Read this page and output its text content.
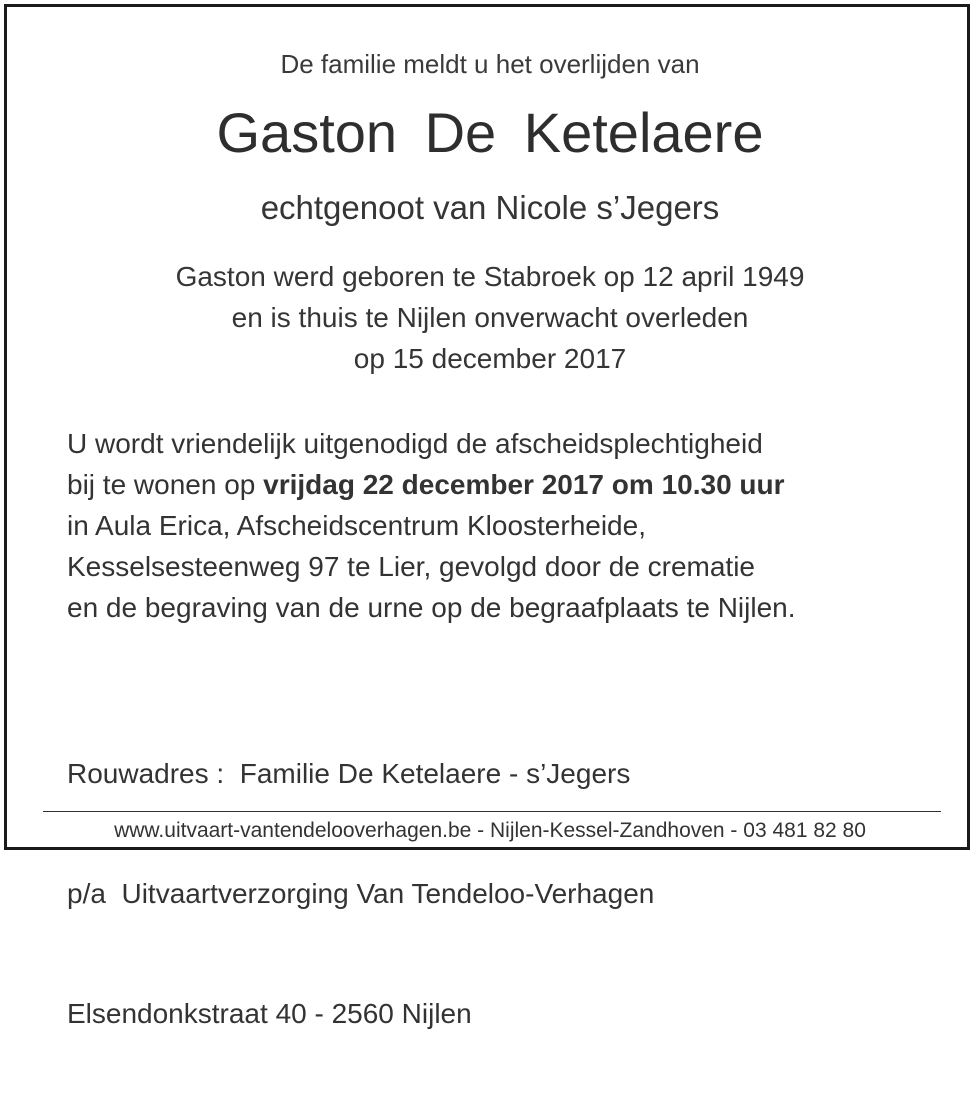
De familie meldt u het overlijden van
Gaston De Ketelaere
echtgenoot van Nicole s’Jegers
Gaston werd geboren te Stabroek op 12 april 1949
en is thuis te Nijlen onverwacht overleden
op 15 december 2017
U wordt vriendelijk uitgenodigd de afscheidsplechtigheid
bij te wonen op vrijdag 22 december 2017 om 10.30 uur
in Aula Erica, Afscheidscentrum Kloosterheide,
Kesselsesteenweg 97 te Lier, gevolgd door de crematie
en de begraving van de urne op de begraafplaats te Nijlen.

Rouwadres :  Familie De Ketelaere - s’Jegers

p/a  Uitvaartverzorging Van Tendeloo-Verhagen

Elsendonkstraat 40 - 2560 Nijlen

www.uitvaart-vantendelooverhagen.be - Nijlen-Kessel-Zandhoven - 03 481 82 80
